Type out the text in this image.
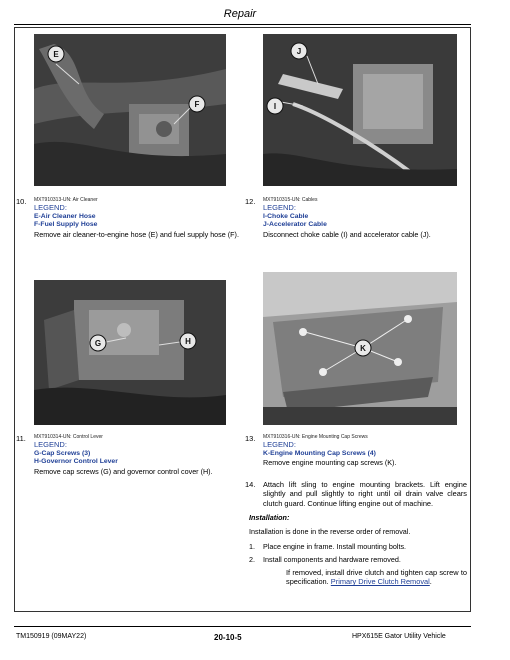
Repair
E
F
J
I
10. MXT910313-UN: Air Cleaner
LEGEND:
E-Air Cleaner Hose
F-Fuel Supply Hose
Remove air cleaner-to-engine hose (E) and fuel supply hose (F).
12. MXT910315-UN: Cables
LEGEND:
I-Choke Cable
J-Accelerator Cable
Disconnect choke cable (I) and accelerator cable (J).
G	H
K
11. MXT910314-UN: Control Lever
LEGEND:
G-Cap Screws (3)
H-Governor Control Lever
Remove cap screws (G) and governor control cover (H).
13. MXT910316-UN: Engine Mounting Cap Screws
LEGEND:
K-Engine Mounting Cap Screws (4)
Remove engine mounting cap screws (K).
14. Attach lift sling to engine mounting brackets. Lift engine slightly and pull slightly to right until oil drain valve clears clutch guard. Continue lifting engine out of machine.
Installation:
Installation is done in the reverse order of removal.
1. Place engine in frame. Install mounting bolts.
2. Install components and hardware removed.
If removed, install drive clutch and tighten cap screw to specification. Primary Drive Clutch Removal.
TM150919 (09MAY22)	20-10-5	HPX615E Gator Utility Vehicle
